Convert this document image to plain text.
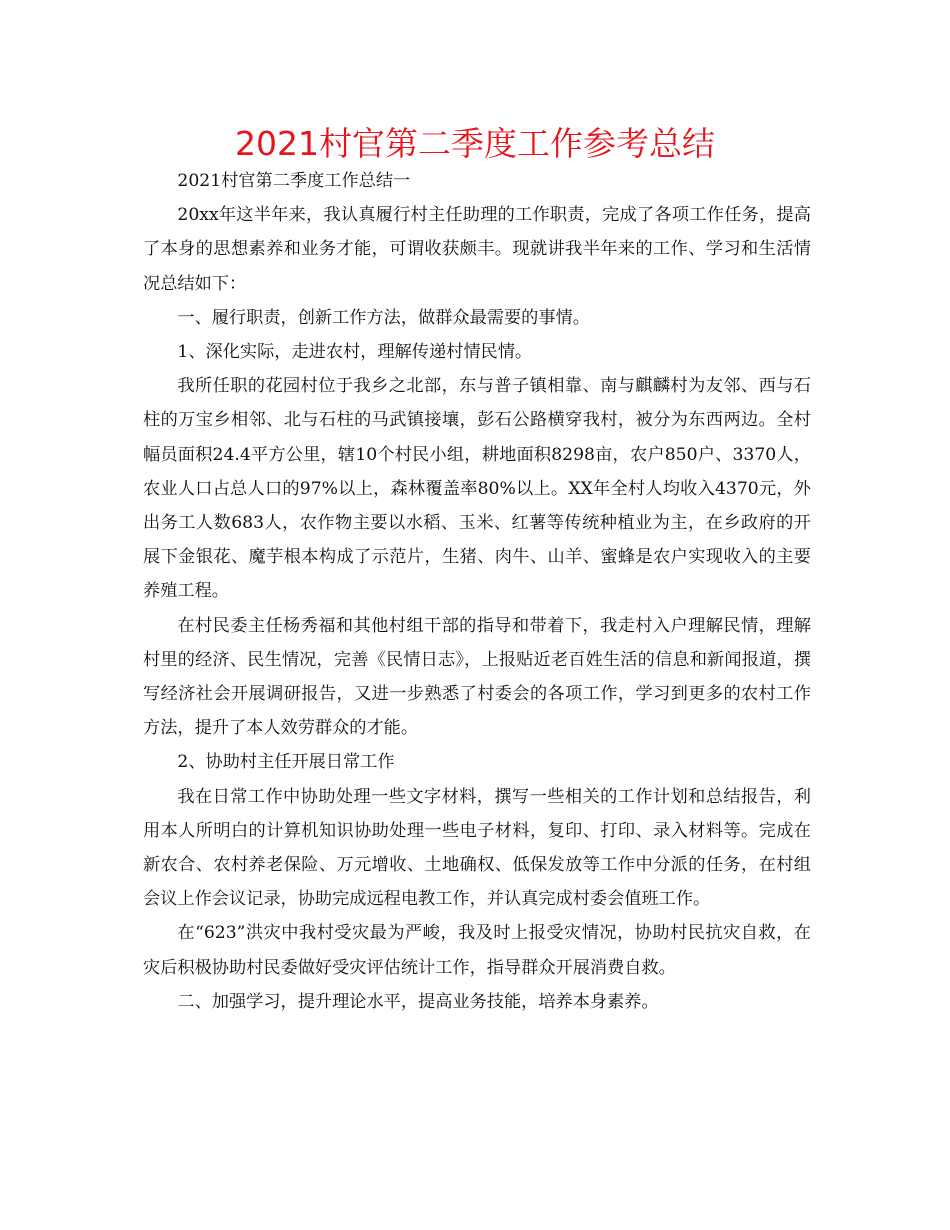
2021村官第二季度工作参考总结

2021村官第二季度工作总结一

20xx年这半年来，我认真履行村主任助理的工作职责，完成了各项工作任务，提高了本身的思想素养和业务才能，可谓收获颇丰。现就讲我半年来的工作、学习和生活情况总结如下：

一、履行职责，创新工作方法，做群众最需要的事情。

1、深化实际，走进农村，理解传递村情民情。

我所任职的花园村位于我乡之北部，东与普子镇相靠、南与麒麟村为友邻、西与石柱的万宝乡相邻、北与石柱的马武镇接壤，彭石公路横穿我村，被分为东西两边。全村幅员面积24.4平方公里，辖10个村民小组，耕地面积8298亩，农户850户、3370人，农业人口占总人口的97%以上，森林覆盖率80%以上。XX年全村人均收入4370元，外出务工人数683人，农作物主要以水稻、玉米、红薯等传统种植业为主，在乡政府的开展下金银花、魔芋根本构成了示范片，生猪、肉牛、山羊、蜜蜂是农户实现收入的主要养殖工程。

在村民委主任杨秀福和其他村组干部的指导和带着下，我走村入户理解民情，理解村里的经济、民生情况，完善《民情日志》，上报贴近老百姓生活的信息和新闻报道，撰写经济社会开展调研报告，又进一步熟悉了村委会的各项工作，学习到更多的农村工作方法，提升了本人效劳群众的才能。

2、协助村主任开展日常工作

我在日常工作中协助处理一些文字材料，撰写一些相关的工作计划和总结报告，利用本人所明白的计算机知识协助处理一些电子材料，复印、打印、录入材料等。完成在新农合、农村养老保险、万元增收、土地确权、低保发放等工作中分派的任务，在村组会议上作会议记录，协助完成远程电教工作，并认真完成村委会值班工作。

在“623”洪灾中我村受灾最为严峻，我及时上报受灾情况，协助村民抗灾自救，在灾后积极协助村民委做好受灾评估统计工作，指导群众开展消费自救。

二、加强学习，提升理论水平，提高业务技能，培养本身素养。
